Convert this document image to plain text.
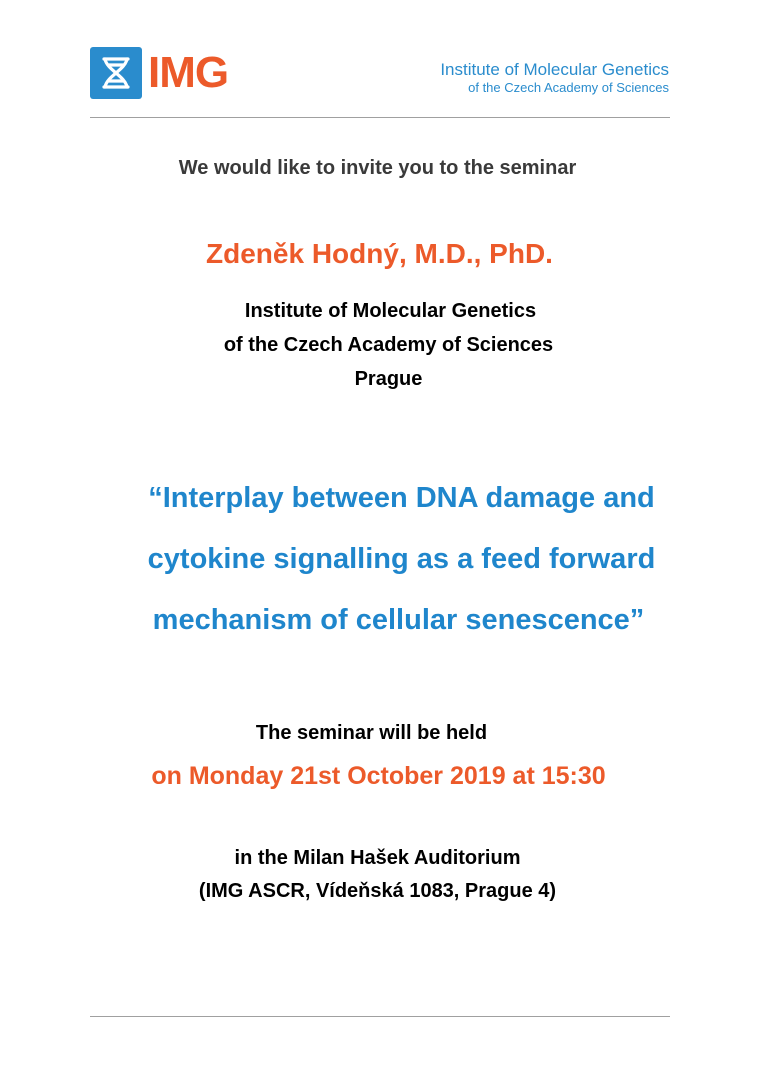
IMG	Institute of Molecular Genetics
of the Czech Academy of Sciences
We would like to invite you to the seminar
Zdeněk Hodný, M.D., PhD.
Institute of Molecular Genetics
of the Czech Academy of Sciences
Prague
“Interplay between DNA damage and
cytokine signalling as a feed forward
mechanism of cellular senescence”
The seminar will be held
on Monday 21st October 2019 at 15:30
in the Milan Hašek Auditorium
(IMG ASCR, Vídeňská 1083, Prague 4)
